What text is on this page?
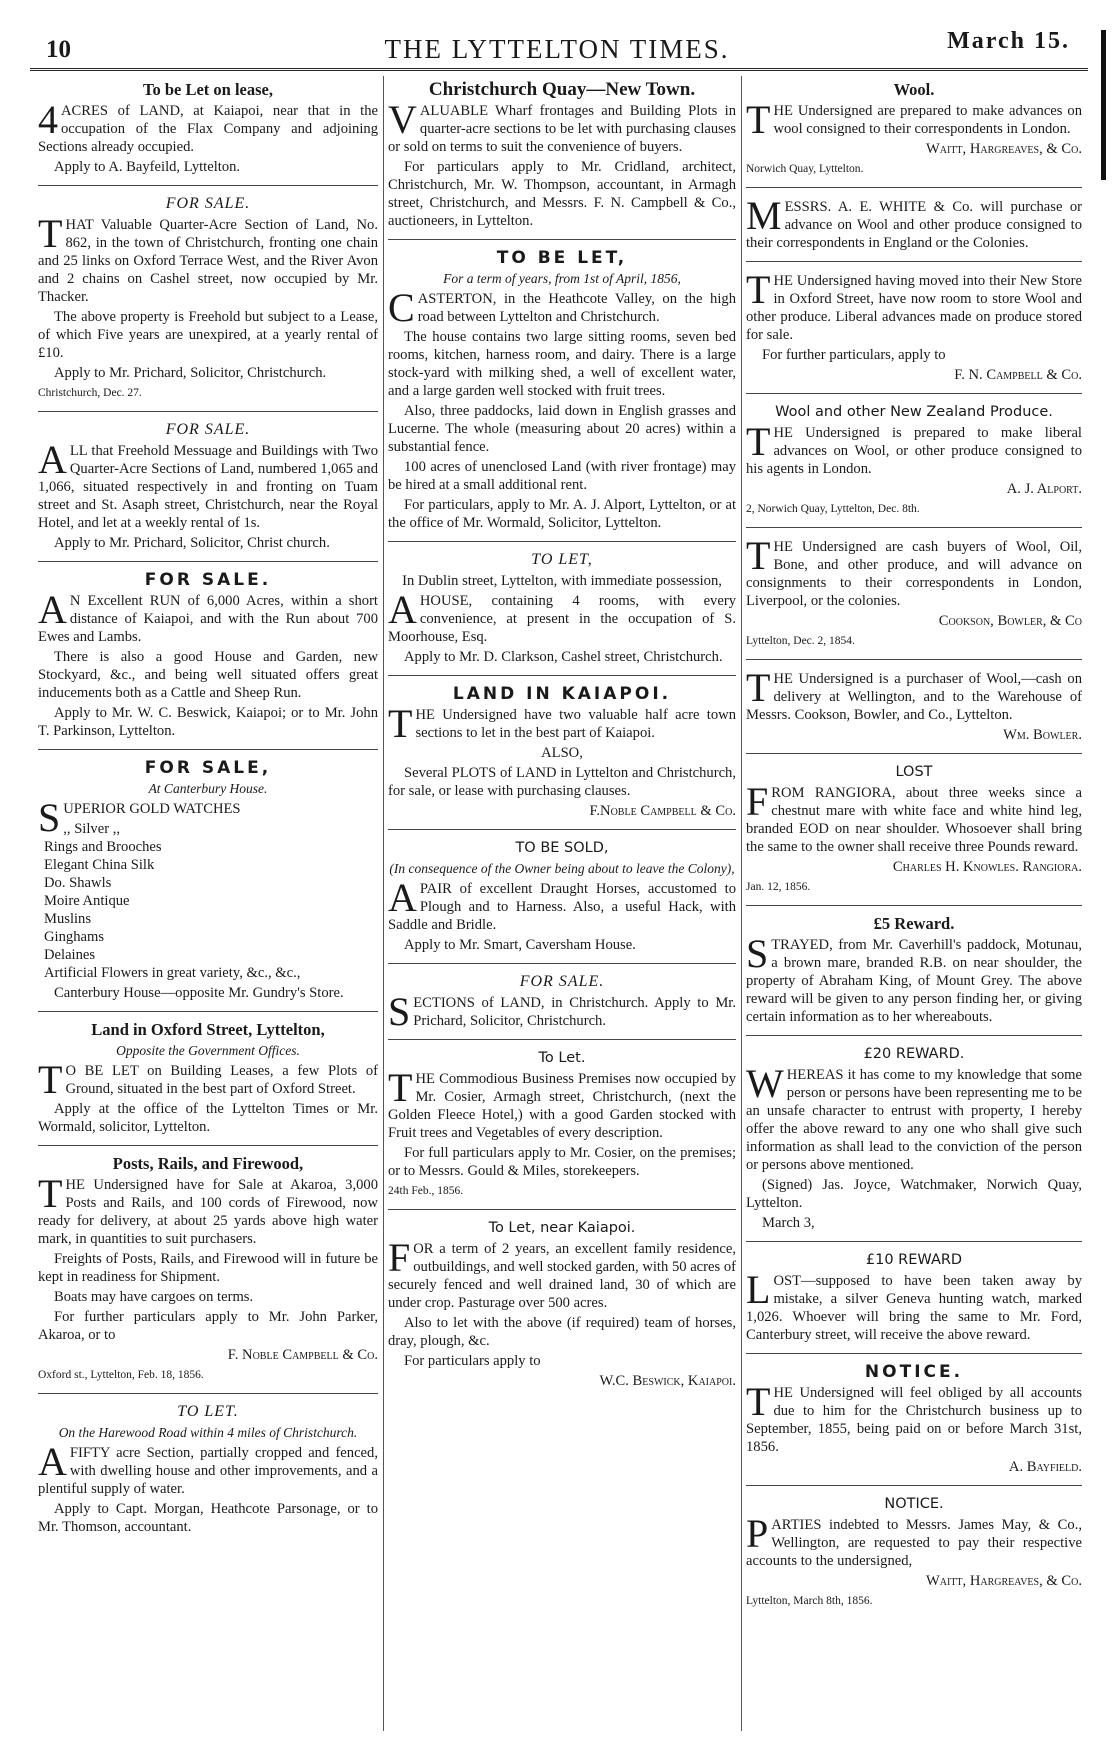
10	THE LYTTELTON TIMES.	March 15.
To be Let on lease,

4 ACRES of LAND, at Kaiapoi, near that in the occupation of the Flax Company and adjoining Sections already occupied.

Apply to A. Bayfeild, Lyttelton.

FOR SALE.

THAT Valuable Quarter-Acre Section of Land, No. 862, in the town of Christchurch, fronting one chain and 25 links on Oxford Terrace West, and the River Avon and 2 chains on Cashel street, now occupied by Mr. Thacker.

The above property is Freehold but subject to a Lease, of which Five years are unexpired, at a yearly rental of £10.

Apply to Mr. Prichard, Solicitor, Christchurch.

Christchurch, Dec. 27.

FOR SALE.

ALL that Freehold Messuage and Buildings with Two Quarter-Acre Sections of Land, numbered 1,065 and 1,066, situated respectively in and fronting on Tuam street and St. Asaph street, Christchurch, near the Royal Hotel, and let at a weekly rental of 1s.

Apply to Mr. Prichard, Solicitor, Christ church.

FOR SALE.

A N Excellent RUN of 6,000 Acres, within a short distance of Kaiapoi, and with the Run about 700 Ewes and Lambs.

There is also a good House and Garden, new Stockyard, &c., and being well situated offers great inducements both as a Cattle and Sheep Run.

Apply to Mr. W. C. Beswick, Kaiapoi; or to Mr. John T. Parkinson, Lyttelton.

FOR SALE,
At Canterbury House.

SUPERIOR GOLD WATCHES

,, Silver ,,
Rings and Brooches
Elegant China Silk
Do. Shawls
Moire Antique
Muslins
Ginghams
Delaines
Artificial Flowers in great variety, &c., &c.,

Canterbury House—opposite Mr. Gundry's Store.

Land in Oxford Street, Lyttelton,
Opposite the Government Offices.

T O BE LET on Building Leases, a few Plots of Ground, situated in the best part of Oxford Street.

Apply at the office of the Lyttelton Times or Mr. Wormald, solicitor, Lyttelton.

Posts, Rails, and Firewood,

THE Undersigned have for Sale at Akaroa, 3,000 Posts and Rails, and 100 cords of Firewood, now ready for delivery, at about 25 yards above high water mark, in quantities to suit purchasers.

Freights of Posts, Rails, and Firewood will in future be kept in readiness for Shipment.

Boats may have cargoes on terms.

For further particulars apply to Mr. John Parker, Akaroa, or to

F. Noble Campbell & Co.

Oxford st., Lyttelton, Feb. 18, 1856.

TO LET.
On the Harewood Road within 4 miles of Christchurch.

AFIFTY acre Section, partially cropped and fenced, with dwelling house and other improvements, and a plentiful supply of water.

Apply to Capt. Morgan, Heathcote Parsonage, or to Mr. Thomson, accountant.

Christchurch Quay—New Town.

VALUABLE Wharf frontages and Building Plots in quarter-acre sections to be let with purchasing clauses or sold on terms to suit the convenience of buyers.

For particulars apply to Mr. Cridland, architect, Christchurch, Mr. W. Thompson, accountant, in Armagh street, Christchurch, and Messrs. F. N. Campbell & Co., auctioneers, in Lyttelton.

TO BE LET,
For a term of years, from 1st of April, 1856,

CASTERTON, in the Heathcote Valley, on the high road between Lyttelton and Christchurch.

The house contains two large sitting rooms, seven bed rooms, kitchen, harness room, and dairy. There is a large stock-yard with milking shed, a well of excellent water, and a large garden well stocked with fruit trees.

Also, three paddocks, laid down in English grasses and Lucerne. The whole (measuring about 20 acres) within a substantial fence.

100 acres of unenclosed Land (with river frontage) may be hired at a small additional rent.

For particulars, apply to Mr. A. J. Alport, Lyttelton, or at the office of Mr. Wormald, Solicitor, Lyttelton.

TO LET,

In Dublin street, Lyttelton, with immediate possession,

AHOUSE, containing 4 rooms, with every convenience, at present in the occupation of S. Moorhouse, Esq.

Apply to Mr. D. Clarkson, Cashel street, Christchurch.

LAND IN KAIAPOI.

THE Undersigned have two valuable half acre town sections to let in the best part of Kaiapoi.

ALSO,

Several PLOTS of LAND in Lyttelton and Christchurch, for sale, or lease with purchasing clauses.

F.Noble Campbell & Co.

TO BE SOLD,
(In consequence of the Owner being about to leave the Colony),

APAIR of excellent Draught Horses, accustomed to Plough and to Harness. Also, a useful Hack, with Saddle and Bridle.

Apply to Mr. Smart, Caversham House.

FOR SALE.

SECTIONS of LAND, in Christchurch. Apply to Mr. Prichard, Solicitor, Christchurch.

To Let.

THE Commodious Business Premises now occupied by Mr. Cosier, Armagh street, Christchurch, (next the Golden Fleece Hotel,) with a good Garden stocked with Fruit trees and Vegetables of every description.

For full particulars apply to Mr. Cosier, on the premises; or to Messrs. Gould & Miles, storekeepers.

24th Feb., 1856.

To Let, near Kaiapoi.

FOR a term of 2 years, an excellent family residence, outbuildings, and well stocked garden, with 50 acres of securely fenced and well drained land, 30 of which are under crop. Pasturage over 500 acres.

Also to let with the above (if required) team of horses, dray, plough, &c.

For particulars apply to

W.C. Beswick, Kaiapoi.

Wool.

THE Undersigned are prepared to make advances on wool consigned to their correspondents in London.

Waitt, Hargreaves, & Co.

Norwich Quay, Lyttelton.

MESSRS. A. E. WHITE & Co. will purchase or advance on Wool and other produce consigned to their correspondents in England or the Colonies.

THE Undersigned having moved into their New Store in Oxford Street, have now room to store Wool and other produce. Liberal advances made on produce stored for sale.

For further particulars, apply to

F. N. Campbell & Co.

Wool and other New Zealand Produce.

THE Undersigned is prepared to make liberal advances on Wool, or other produce consigned to his agents in London.

A. J. Alport.

2, Norwich Quay, Lyttelton, Dec. 8th.

THE Undersigned are cash buyers of Wool, Oil, Bone, and other produce, and will advance on consignments to their correspondents in London, Liverpool, or the colonies.

Cookson, Bowler, & Co

Lyttelton, Dec. 2, 1854.

THE Undersigned is a purchaser of Wool,—cash on delivery at Wellington, and to the Warehouse of Messrs. Cookson, Bowler, and Co., Lyttelton.

Wm. Bowler.

LOST

FROM RANGIORA, about three weeks since a chestnut mare with white face and white hind leg, branded EOD on near shoulder. Whosoever shall bring the same to the owner shall receive three Pounds reward.

Charles H. Knowles. Rangiora.

Jan. 12, 1856.

£5 Reward.

STRAYED, from Mr. Caverhill's paddock, Motunau, a brown mare, branded R.B. on near shoulder, the property of Abraham King, of Mount Grey. The above reward will be given to any person finding her, or giving certain information as to her whereabouts.

£20 REWARD.

WHEREAS it has come to my knowledge that some person or persons have been representing me to be an unsafe character to entrust with property, I hereby offer the above reward to any one who shall give such information as shall lead to the conviction of the person or persons above mentioned.

(Signed) Jas. Joyce, Watchmaker, Norwich Quay, Lyttelton.

March 3,

£10 REWARD

LOST—supposed to have been taken away by mistake, a silver Geneva hunting watch, marked 1,026. Whoever will bring the same to Mr. Ford, Canterbury street, will receive the above reward.

NOTICE.

THE Undersigned will feel obliged by all accounts due to him for the Christchurch business up to September, 1855, being paid on or before March 31st, 1856.

A. Bayfield.

NOTICE.

PARTIES indebted to Messrs. James May, & Co., Wellington, are requested to pay their respective accounts to the undersigned,

Waitt, Hargreaves, & Co.

Lyttelton, March 8th, 1856.
